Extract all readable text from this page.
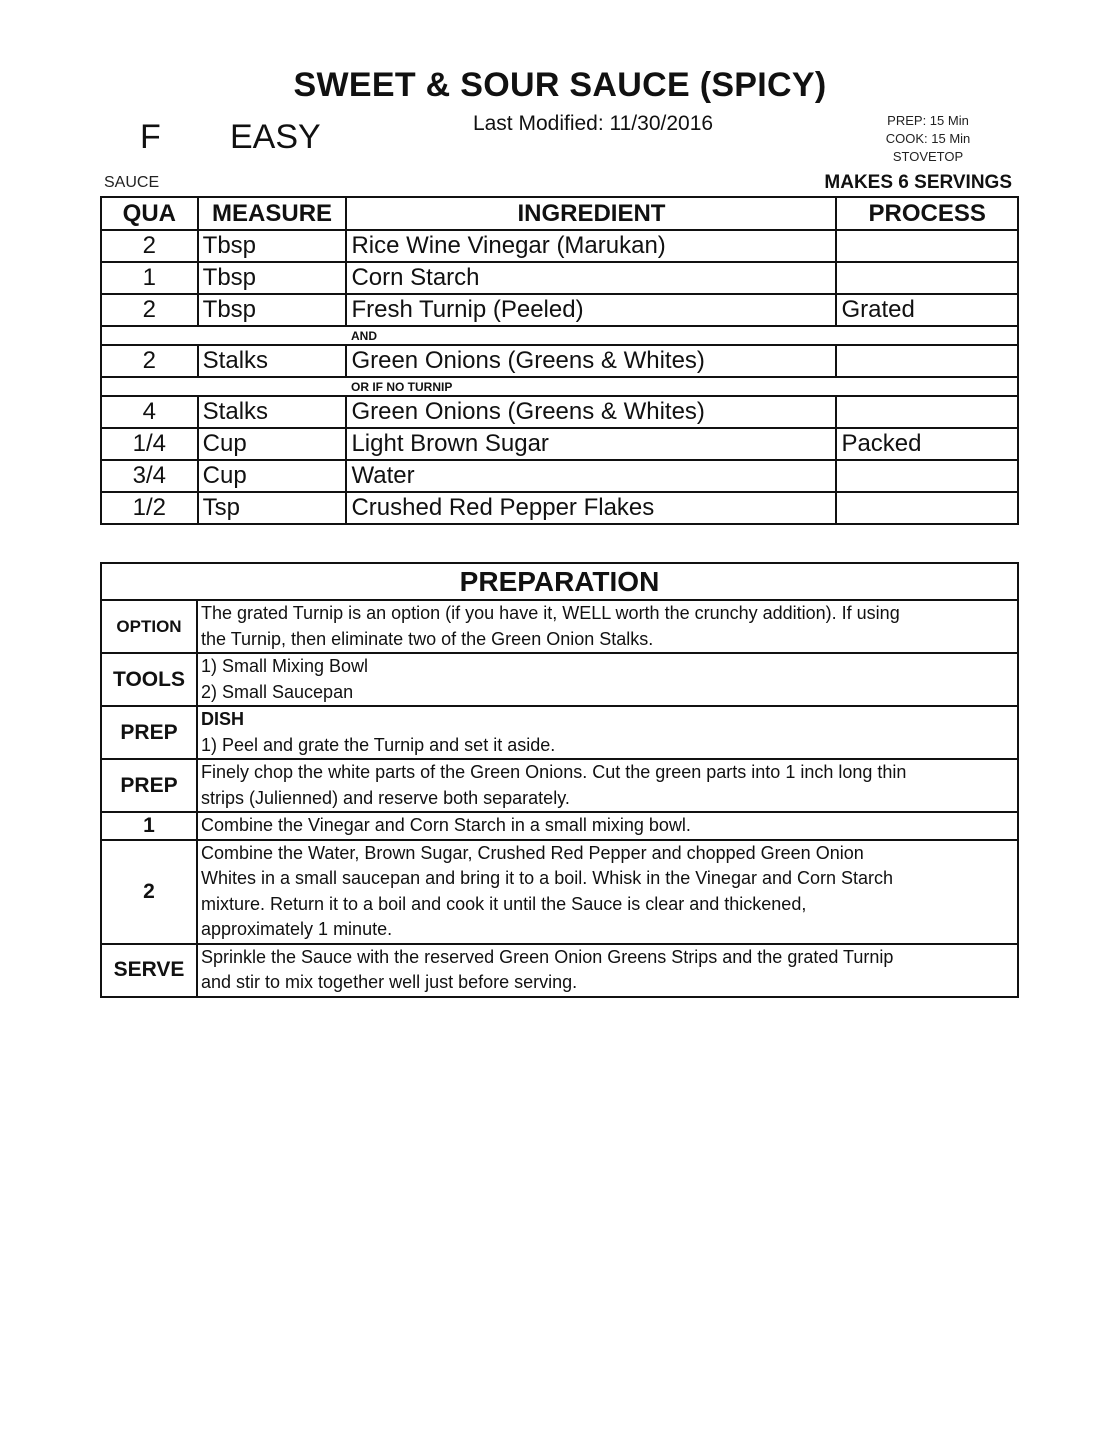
SWEET & SOUR SAUCE (SPICY)
F EASY	Last Modified: 11/30/2016	PREP: 15 Min
COOK: 15 Min
STOVETOP
SAUCE	MAKES 6 SERVINGS
QUA	MEASURE	INGREDIENT	PROCESS
2	Tbsp	Rice Wine Vinegar (Marukan)	
1	Tbsp	Corn Starch	
2	Tbsp	Fresh Turnip (Peeled)	Grated
AND			
2	Stalks	Green Onions (Greens & Whites)	
OR IF NO TURNIP			
4	Stalks	Green Onions (Greens & Whites)	
1/4	Cup	Light Brown Sugar	Packed
3/4	Cup	Water	
1/2	Tsp	Crushed Red Pepper Flakes	
PREPARATION	
OPTION	The grated Turnip is an option (if you have it, WELL worth the crunchy addition). If using
the Turnip, then eliminate two of the Green Onion Stalks.

TOOLS	1) Small Mixing Bowl
2) Small Saucepan

PREP	DISH
1) Peel and grate the Turnip and set it aside.

PREP	Finely chop the white parts of the Green Onions. Cut the green parts into 1 inch long thin
strips (Julienned) and reserve both separately.

1	Combine the Vinegar and Corn Starch in a small mixing bowl.

2	Combine the Water, Brown Sugar, Crushed Red Pepper and chopped Green Onion
Whites in a small saucepan and bring it to a boil. Whisk in the Vinegar and Corn Starch
mixture. Return it to a boil and cook it until the Sauce is clear and thickened,
approximately 1 minute.

SERVE	Sprinkle the Sauce with the reserved Green Onion Greens Strips and the grated Turnip
and stir to mix together well just before serving.
